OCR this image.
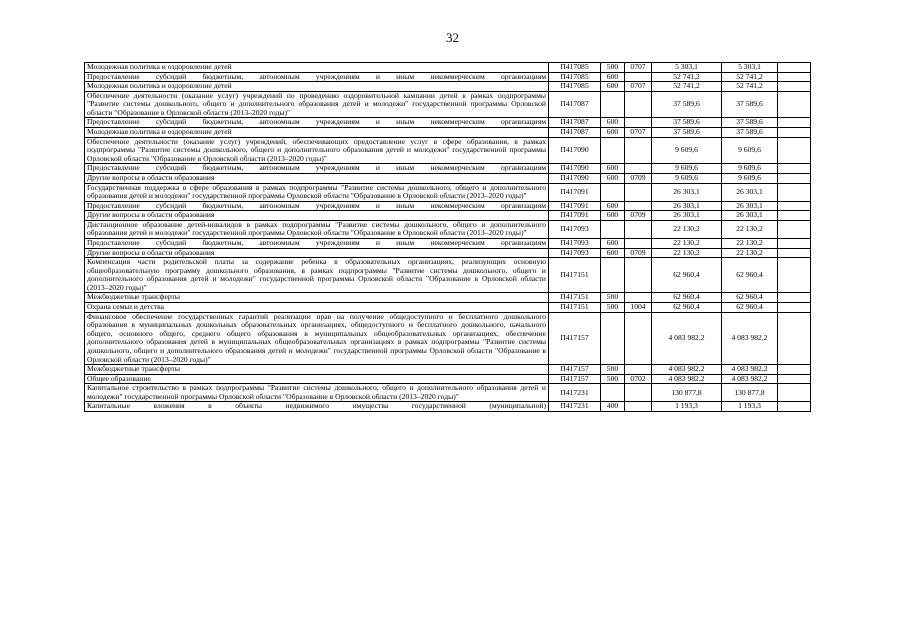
32
Молодежная политика и оздоровление детей	П417085	500	0707	5 303,1	5 303,1	
Предоставление субсидий бюджетным, автономным учреждениям и иным некоммерческим организациям	П417085	600		52 741,2	52 741,2	
Молодежная политика и оздоровление детей	П417085	600	0707	52 741,2	52 741,2	
Обеспечение деятельности (оказание услуг) учреждений по проведению оздоровительной кампании детей в рамках подпрограммы "Развитие системы дошкольного, общего и дополнительного образования детей и молодежи" государственной программы Орловской области "Образование в Орловской области (2013–2020 годы)"	П417087			37 589,6	37 589,6	
Предоставление субсидий бюджетным, автономным учреждениям и иным некоммерческим организациям	П417087	600		37 589,6	37 589,6	
Молодежная политика и оздоровление детей	П417087	600	0707	37 589,6	37 589,6	
Обеспечение деятельности (оказание услуг) учреждений, обеспечивающих предоставление услуг в сфере образования, в рамках подпрограммы "Развитие системы дошкольного, общего и дополнительного образования детей и молодежи" государственной программы Орловской области "Образование в Орловской области (2013–2020 годы)"	П417090			9 609,6	9 609,6	
Предоставление субсидий бюджетным, автономным учреждениям и иным некоммерческим организациям	П417090	600		9 609,6	9 609,6	
Другие вопросы в области образования	П417090	600	0709	9 609,6	9 609,6	
Государственная поддержка в сфере образования в рамках подпрограммы "Развитие системы дошкольного, общего и дополнительного образования детей и молодежи" государственной программы Орловской области "Образование в Орловской области (2013–2020 годы)"	П417091			26 303,1	26 303,1	
Предоставление субсидий бюджетным, автономным учреждениям и иным некоммерческим организациям	П417091	600		26 303,1	26 303,1	
Другие вопросы в области образования	П417091	600	0709	26 303,1	26 303,1	
Дистанционное образование детей-инвалидов в рамках подпрограммы "Развитие системы дошкольного, общего и дополнительного образования детей и молодежи" государственной программы Орловской области "Образование в Орловской области (2013–2020 годы)"	П417093			22 130,2	22 130,2	
Предоставление субсидий бюджетным, автономным учреждениям и иным некоммерческим организациям	П417093	600		22 130,2	22 130,2	
Другие вопросы в области образования	П417093	600	0709	22 130,2	22 130,2	
Компенсация части родительской платы за содержание ребенка в образовательных организациях, реализующих основную общеобразовательную программу дошкольного образования, в рамках подпрограммы "Развитие системы дошкольного, общего и дополнительного образования детей и молодежи" государственной программы Орловской области "Образование в Орловской области (2013–2020 годы)"	П417151			62 960,4	62 960,4	
Межбюджетные трансферты	П417151	500		62 960,4	62 960,4	
Охрана семьи и детства	П417151	500	1004	62 960,4	62 960,4	
Финансовое обеспечение государственных гарантий реализации прав на получение общедоступного и бесплатного дошкольного образования в муниципальных дошкольных образовательных организациях, общедоступного и бесплатного дошкольного, начального общего, основного общего, среднего общего образования в муниципальных общеобразовательных организациях, обеспечение дополнительного образования детей в муниципальных общеобразовательных организациях в рамках подпрограммы "Развитие системы дошкольного, общего и дополнительного образования детей и молодежи" государственной программы Орловской области "Образование в Орловской области (2013–2020 годы)"	П417157			4 083 982,2	4 083 982,2	
Межбюджетные трансферты	П417157	500		4 083 982,2	4 083 982,2	
Общее образование	П417157	500	0702	4 083 982,2	4 083 982,2	
Капитальное строительство в рамках подпрограммы "Развитие системы дошкольного, общего и дополнительного образования детей и молодежи" государственной программы Орловской области "Образование в Орловской области (2013–2020 годы)"	П417231			130 877,8	130 877,8	
Капитальные вложения в объекты недвижимого имущества государственной (муниципальной)	П417231	400		1 193,3	1 193,3	
